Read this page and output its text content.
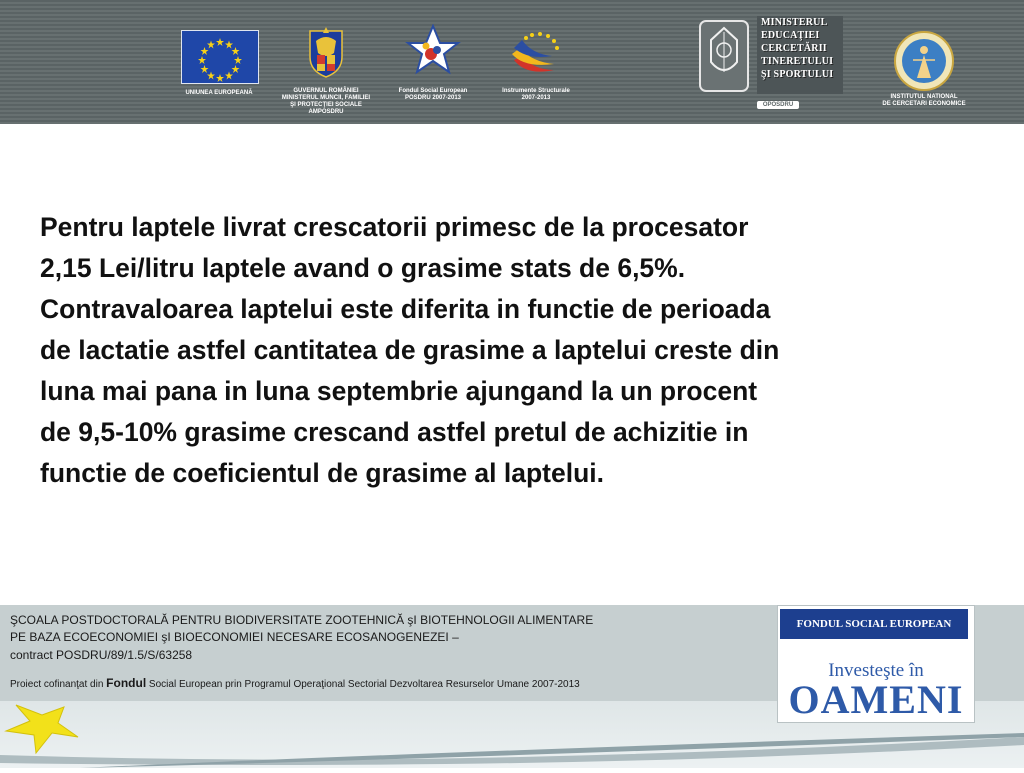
UNIUNEA EUROPEANĂ	GUVERNUL ROMÂNIEI
MINISTERUL MUNCII, FAMILIEI
ŞI PROTECŢIEI SOCIALE
AMPOSDRU
Fondul Social European
POSDRU 2007-2013
Instrumente Structurale
2007-2013
MINISTERUL
EDUCAŢIEI
CERCETĂRII
TINERETULUI
ŞI SPORTULUI
OPOSDRU
INSTITUTUL NATIONAL
DE CERCETARI ECONOMICE

Pentru laptele livrat crescatorii primesc de la procesator
2,15 Lei/litru laptele avand o grasime stats de 6,5%.
Contravaloarea laptelui este diferita in functie de perioada
de lactatie astfel cantitatea de grasime a laptelui creste din
luna mai pana in luna septembrie ajungand la un procent
de 9,5-10% grasime crescand astfel pretul de achizitie in
functie de coeficientul de grasime al laptelui.

ŞCOALA POSTDOCTORALĂ PENTRU BIODIVERSITATE ZOOTEHNICĂ şI BIOTEHNOLOGII ALIMENTARE
PE BAZA ECOECONOMIEI şI BIOECONOMIEI NECESARE ECOSANOGENEZEI –
contract POSDRU/89/1.5/S/63258
Proiect cofinanţat din Fondul Social European prin Programul Operaţional Sectorial Dezvoltarea Resurselor Umane 2007-2013
FONDUL SOCIAL EUROPEAN
Investeşte în
OAMENI
